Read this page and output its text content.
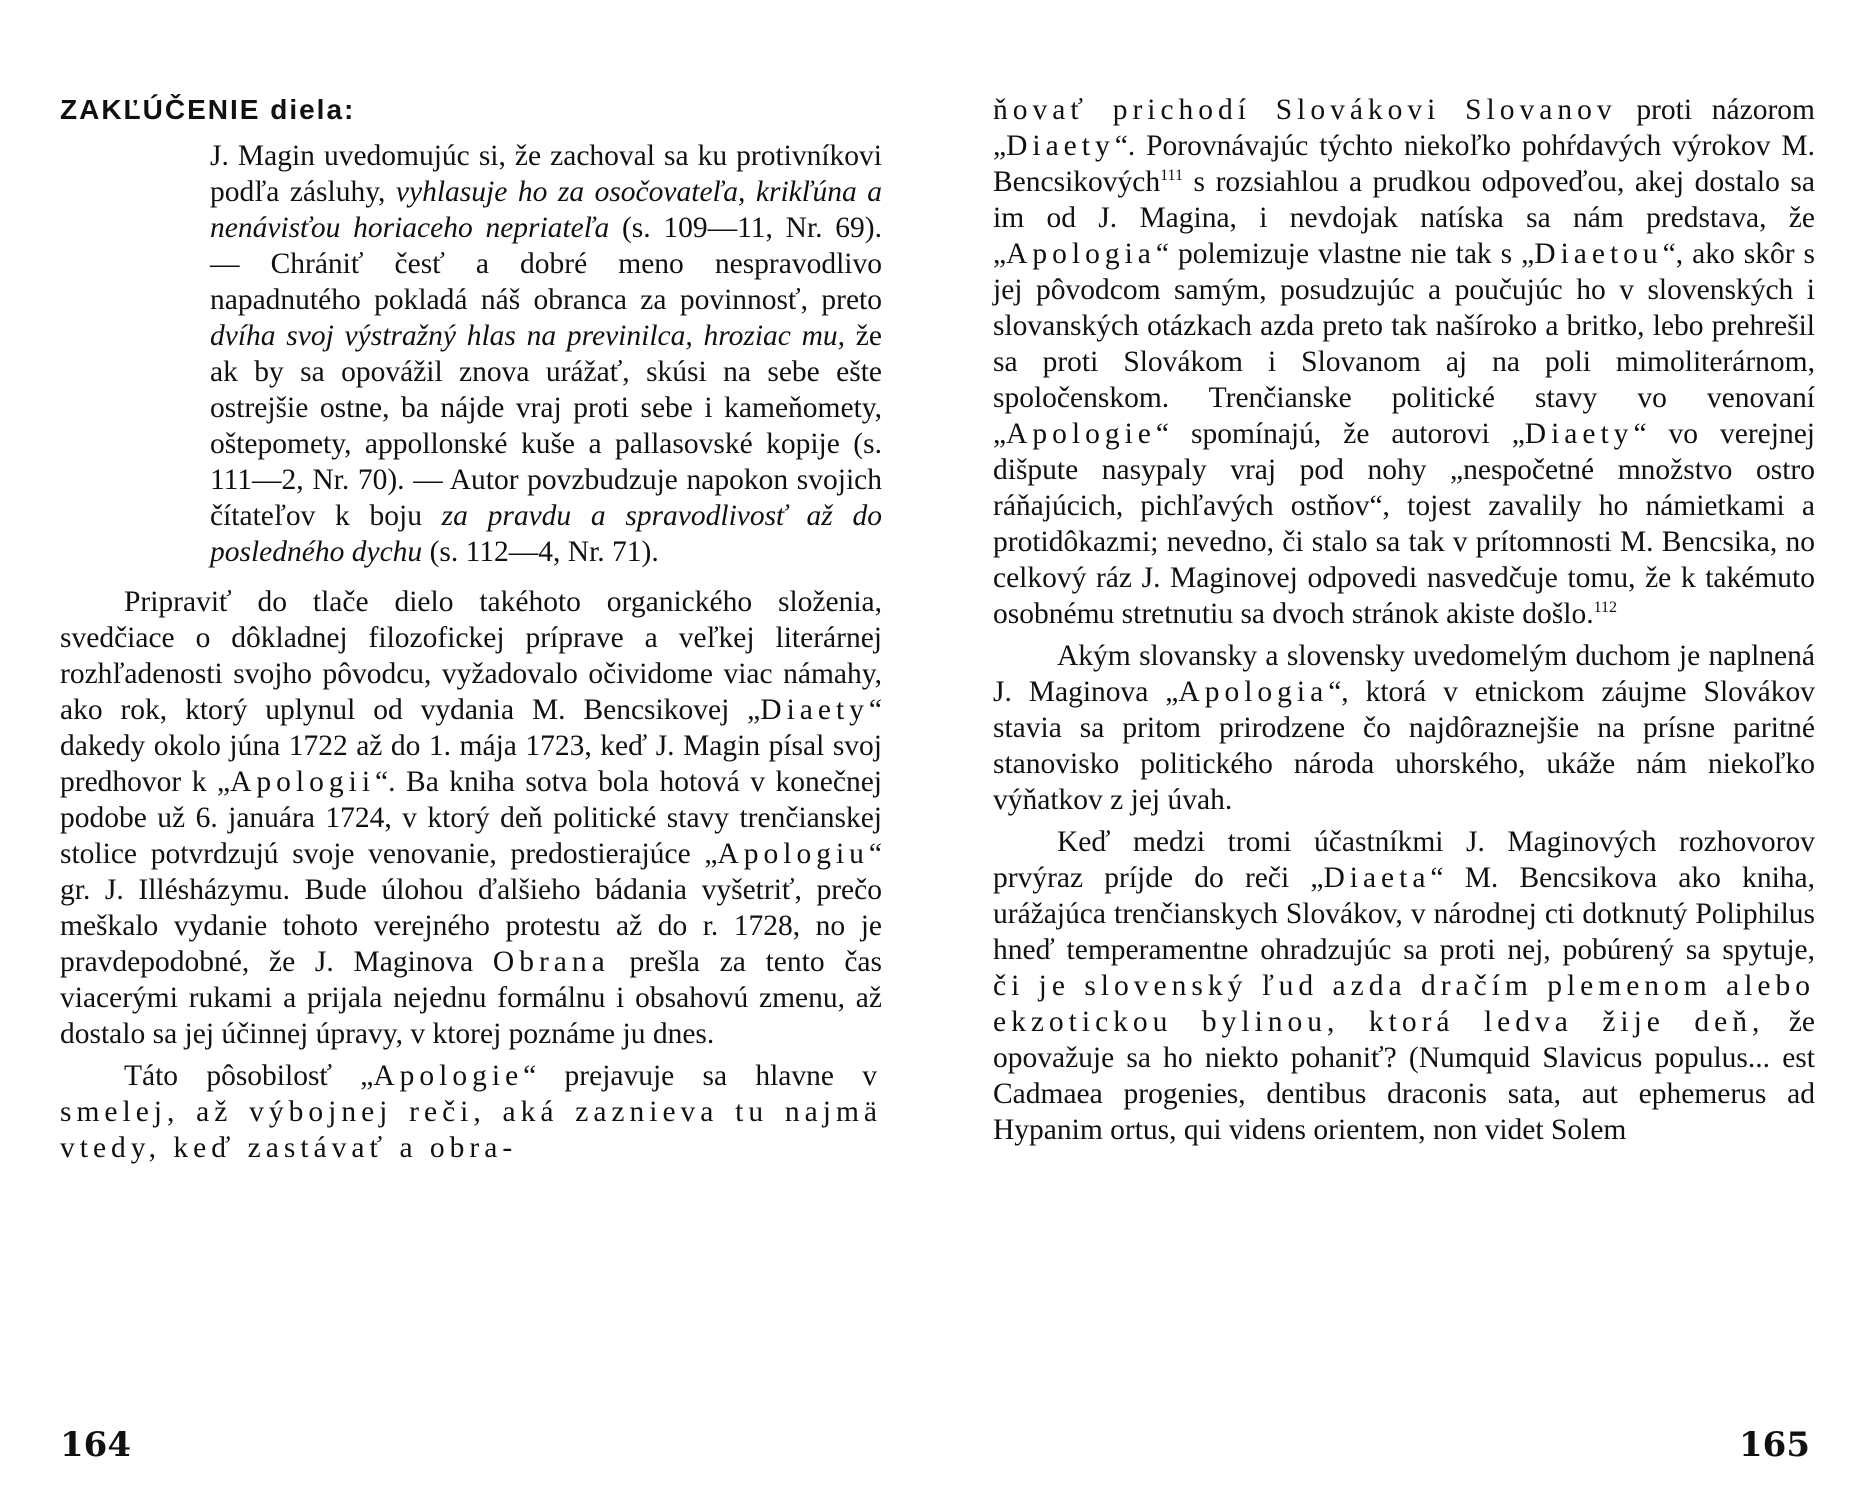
ZAKĽÚČENIE diela:

J. Magin uvedomujúc si, že zachoval sa ku protivníkovi podľa zásluhy, vyhlasuje ho za osočovateľa, krikľúna a nenávisťou horiaceho nepriateľa (s. 109—11, Nr. 69). — Chrániť česť a dobré meno nespravodlivo napadnutého pokladá náš obranca za povinnosť, preto dvíha svoj výstražný hlas na previnilca, hroziac mu, že ak by sa opovážil znova urážať, skúsi na sebe ešte ostrejšie ostne, ba nájde vraj proti sebe i kameňomety, oštepomety, appollonské kuše a pallasovské kopije (s. 111—2, Nr. 70). — Autor povzbudzuje napokon svojich čítateľov k boju za pravdu a spravodlivosť až do posledného dychu (s. 112—4, Nr. 71).

Pripraviť do tlače dielo takéhoto organického složenia, svedčiace o dôkladnej filozofickej príprave a veľkej literárnej rozhľadenosti svojho pôvodcu, vyžadovalo očividome viac námahy, ako rok, ktorý uplynul od vydania M. Bencsikovej „Diaety“ dakedy okolo júna 1722 až do 1. mája 1723, keď J. Magin písal svoj predhovor k „Apologii“. Ba kniha sotva bola hotová v konečnej podobe už 6. januára 1724, v ktorý deň politické stavy trenčianskej stolice potvrdzujú svoje venovanie, predostierajúce „Apologiu“ gr. J. Illésházymu. Bude úlohou ďalšieho bádania vyšetriť, prečo meškalo vydanie tohoto verejného protestu až do r. 1728, no je pravdepodobné, že J. Maginova Obrana prešla za tento čas viacerými rukami a prijala nejednu formálnu i obsahovú zmenu, až dostalo sa jej účinnej úpravy, v ktorej poznáme ju dnes.

Táto pôsobilosť „Apologie“ prejavuje sa hlavne v smelej, až výbojnej reči, aká zaznieva tu najmä vtedy, keď zastávať a obra-

164

ňovať prichodí Slovákovi Slovanov proti názorom „Diaety“. Porovnávajúc týchto niekoľko pohŕdavých výrokov M. Bencsikových$^{111}$ s rozsiahlou a prudkou odpoveďou, akej dostalo sa im od J. Magina, i nevdojak natíska sa nám predstava, že „Apologia“ polemizuje vlastne nie tak s „Diaetou“, ako skôr s jej pôvodcom samým, posudzujúc a poučujúc ho v slovenských i slovanských otázkach azda preto tak našíroko a britko, lebo prehrešil sa proti Slovákom i Slovanom aj na poli mimoliterárnom, spoločenskom. Trenčianske politické stavy vo venovaní „Apologie“ spomínajú, že autorovi „Diaety“ vo verejnej dišpute nasypaly vraj pod nohy „nespočetné množstvo ostro ráňajúcich, pichľavých ostňov“, tojest zavalily ho námietkami a protidôkazmi; nevedno, či stalo sa tak v prítomnosti M. Bencsika, no celkový ráz J. Maginovej odpovedi nasvedčuje tomu, že k takémuto osobnému stretnutiu sa dvoch stránok akiste došlo.$^{112}$

Akým slovansky a slovensky uvedomelým duchom je naplnená J. Maginova „Apologia“, ktorá v etnickom záujme Slovákov stavia sa pritom prirodzene čo najdôraznejšie na prísne paritné stanovisko politického národa uhorského, ukáže nám niekoľko výňatkov z jej úvah.

Keď medzi tromi účastníkmi J. Maginových rozhovorov prvýraz príjde do reči „Diaeta“ M. Bencsikova ako kniha, urážajúca trenčianskych Slovákov, v národnej cti dotknutý Poliphilus hneď temperamentne ohradzujúc sa proti nej, pobúrený sa spytuje, či je slovenský ľud azda dračím plemenom alebo ekzotickou bylinou, ktorá ledva žije deň, že opovažuje sa ho niekto pohaniť? (Numquid Slavicus populus... est Cadmaea progenies, dentibus draconis sata, aut ephemerus ad Hypanim ortus, qui videns orientem, non videt Solem

165
